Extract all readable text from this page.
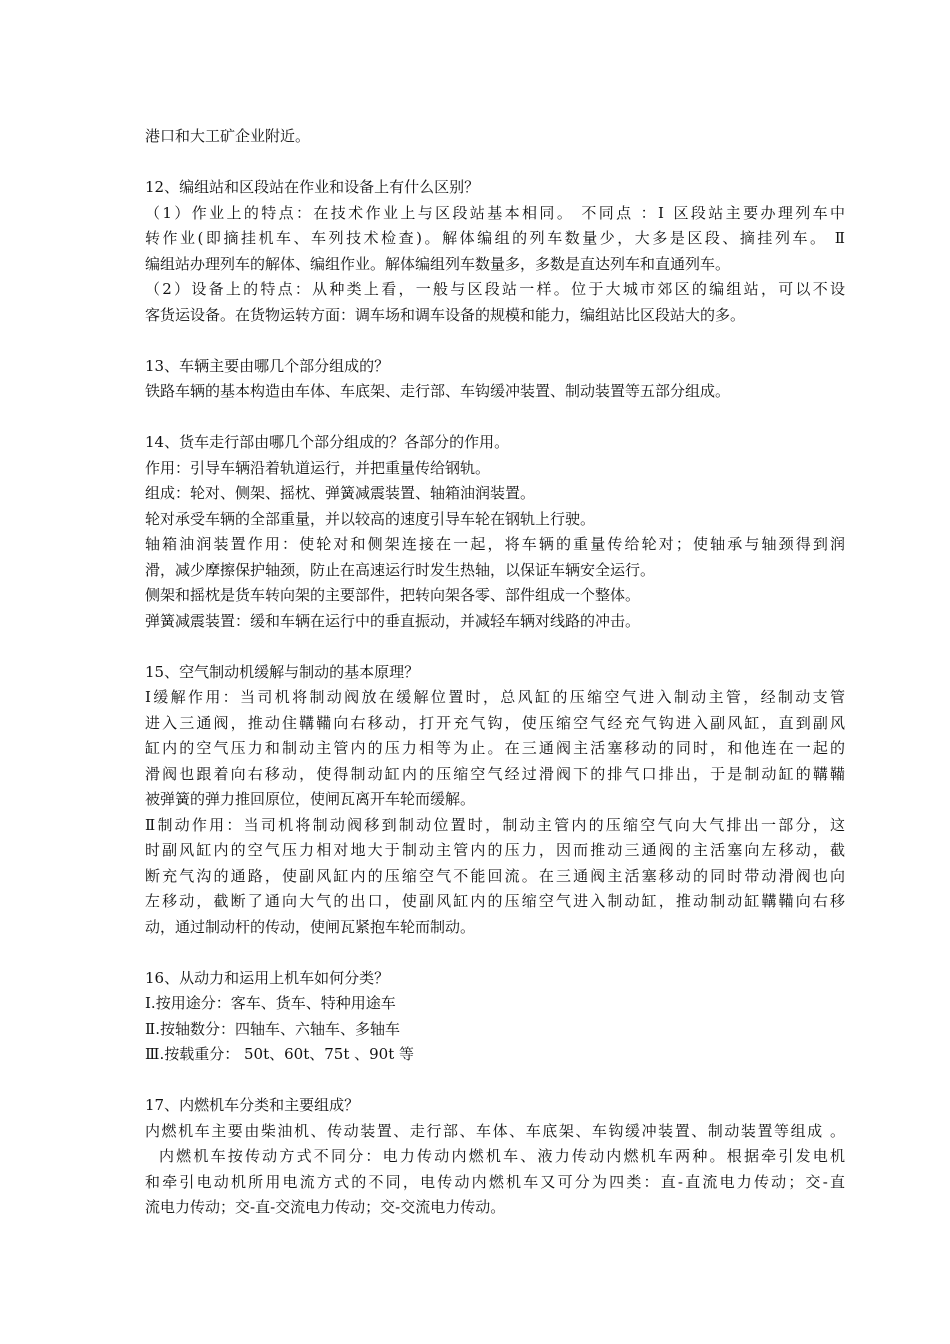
港口和大工矿企业附近。
12、编组站和区段站在作业和设备上有什么区别？
（1）作业上的特点：在技术作业上与区段站基本相同。 不同点 ：Ⅰ 区段站主要办理列车中
转作业(即摘挂机车、车列技术检查)。解体编组的列车数量少，大多是区段、摘挂列车。 Ⅱ
编组站办理列车的解体、编组作业。解体编组列车数量多，多数是直达列车和直通列车。
（2）设备上的特点：从种类上看，一般与区段站一样。位于大城市郊区的编组站，可以不设
客货运设备。在货物运转方面：调车场和调车设备的规模和能力，编组站比区段站大的多。
13、车辆主要由哪几个部分组成的？
铁路车辆的基本构造由车体、车底架、走行部、车钩缓冲装置、制动装置等五部分组成。
14、货车走行部由哪几个部分组成的？各部分的作用。
作用：引导车辆沿着轨道运行，并把重量传给钢轨。
组成：轮对、侧架、摇枕、弹簧减震装置、轴箱油润装置。
轮对承受车辆的全部重量，并以较高的速度引导车轮在钢轨上行驶。
轴箱油润装置作用：使轮对和侧架连接在一起，将车辆的重量传给轮对；使轴承与轴颈得到润
滑，减少摩擦保护轴颈，防止在高速运行时发生热轴，以保证车辆安全运行。
侧架和摇枕是货车转向架的主要部件，把转向架各零、部件组成一个整体。
弹簧减震装置：缓和车辆在运行中的垂直振动，并减轻车辆对线路的冲击。
15、空气制动机缓解与制动的基本原理？
Ⅰ缓解作用：当司机将制动阀放在缓解位置时，总风缸的压缩空气进入制动主管，经制动支管
进入三通阀，推动住鞲鞴向右移动，打开充气钩，使压缩空气经充气钩进入副风缸，直到副风
缸内的空气压力和制动主管内的压力相等为止。在三通阀主活塞移动的同时，和他连在一起的
滑阀也跟着向右移动，使得制动缸内的压缩空气经过滑阀下的排气口排出，于是制动缸的鞲鞴
被弹簧的弹力推回原位，使闸瓦离开车轮而缓解。
Ⅱ制动作用：当司机将制动阀移到制动位置时，制动主管内的压缩空气向大气排出一部分，这
时副风缸内的空气压力相对地大于制动主管内的压力，因而推动三通阀的主活塞向左移动，截
断充气沟的通路，使副风缸内的压缩空气不能回流。在三通阀主活塞移动的同时带动滑阀也向
左移动，截断了通向大气的出口，使副风缸内的压缩空气进入制动缸，推动制动缸鞲鞴向右移
动，通过制动杆的传动，使闸瓦紧抱车轮而制动。
16、从动力和运用上机车如何分类？
Ⅰ.按用途分：客车、货车、特种用途车
Ⅱ.按轴数分：四轴车、六轴车、多轴车
Ⅲ.按载重分： 50t、60t、75t 、90t 等
17、内燃机车分类和主要组成？
内燃机车主要由柴油机、传动装置、走行部、车体、车底架、车钩缓冲装置、制动装置等组成 。
内燃机车按传动方式不同分：电力传动内燃机车、液力传动内燃机车两种。根据牵引发电机
和牵引电动机所用电流方式的不同，电传动内燃机车又可分为四类：直-直流电力传动；交-直
流电力传动；交-直-交流电力传动；交-交流电力传动。
